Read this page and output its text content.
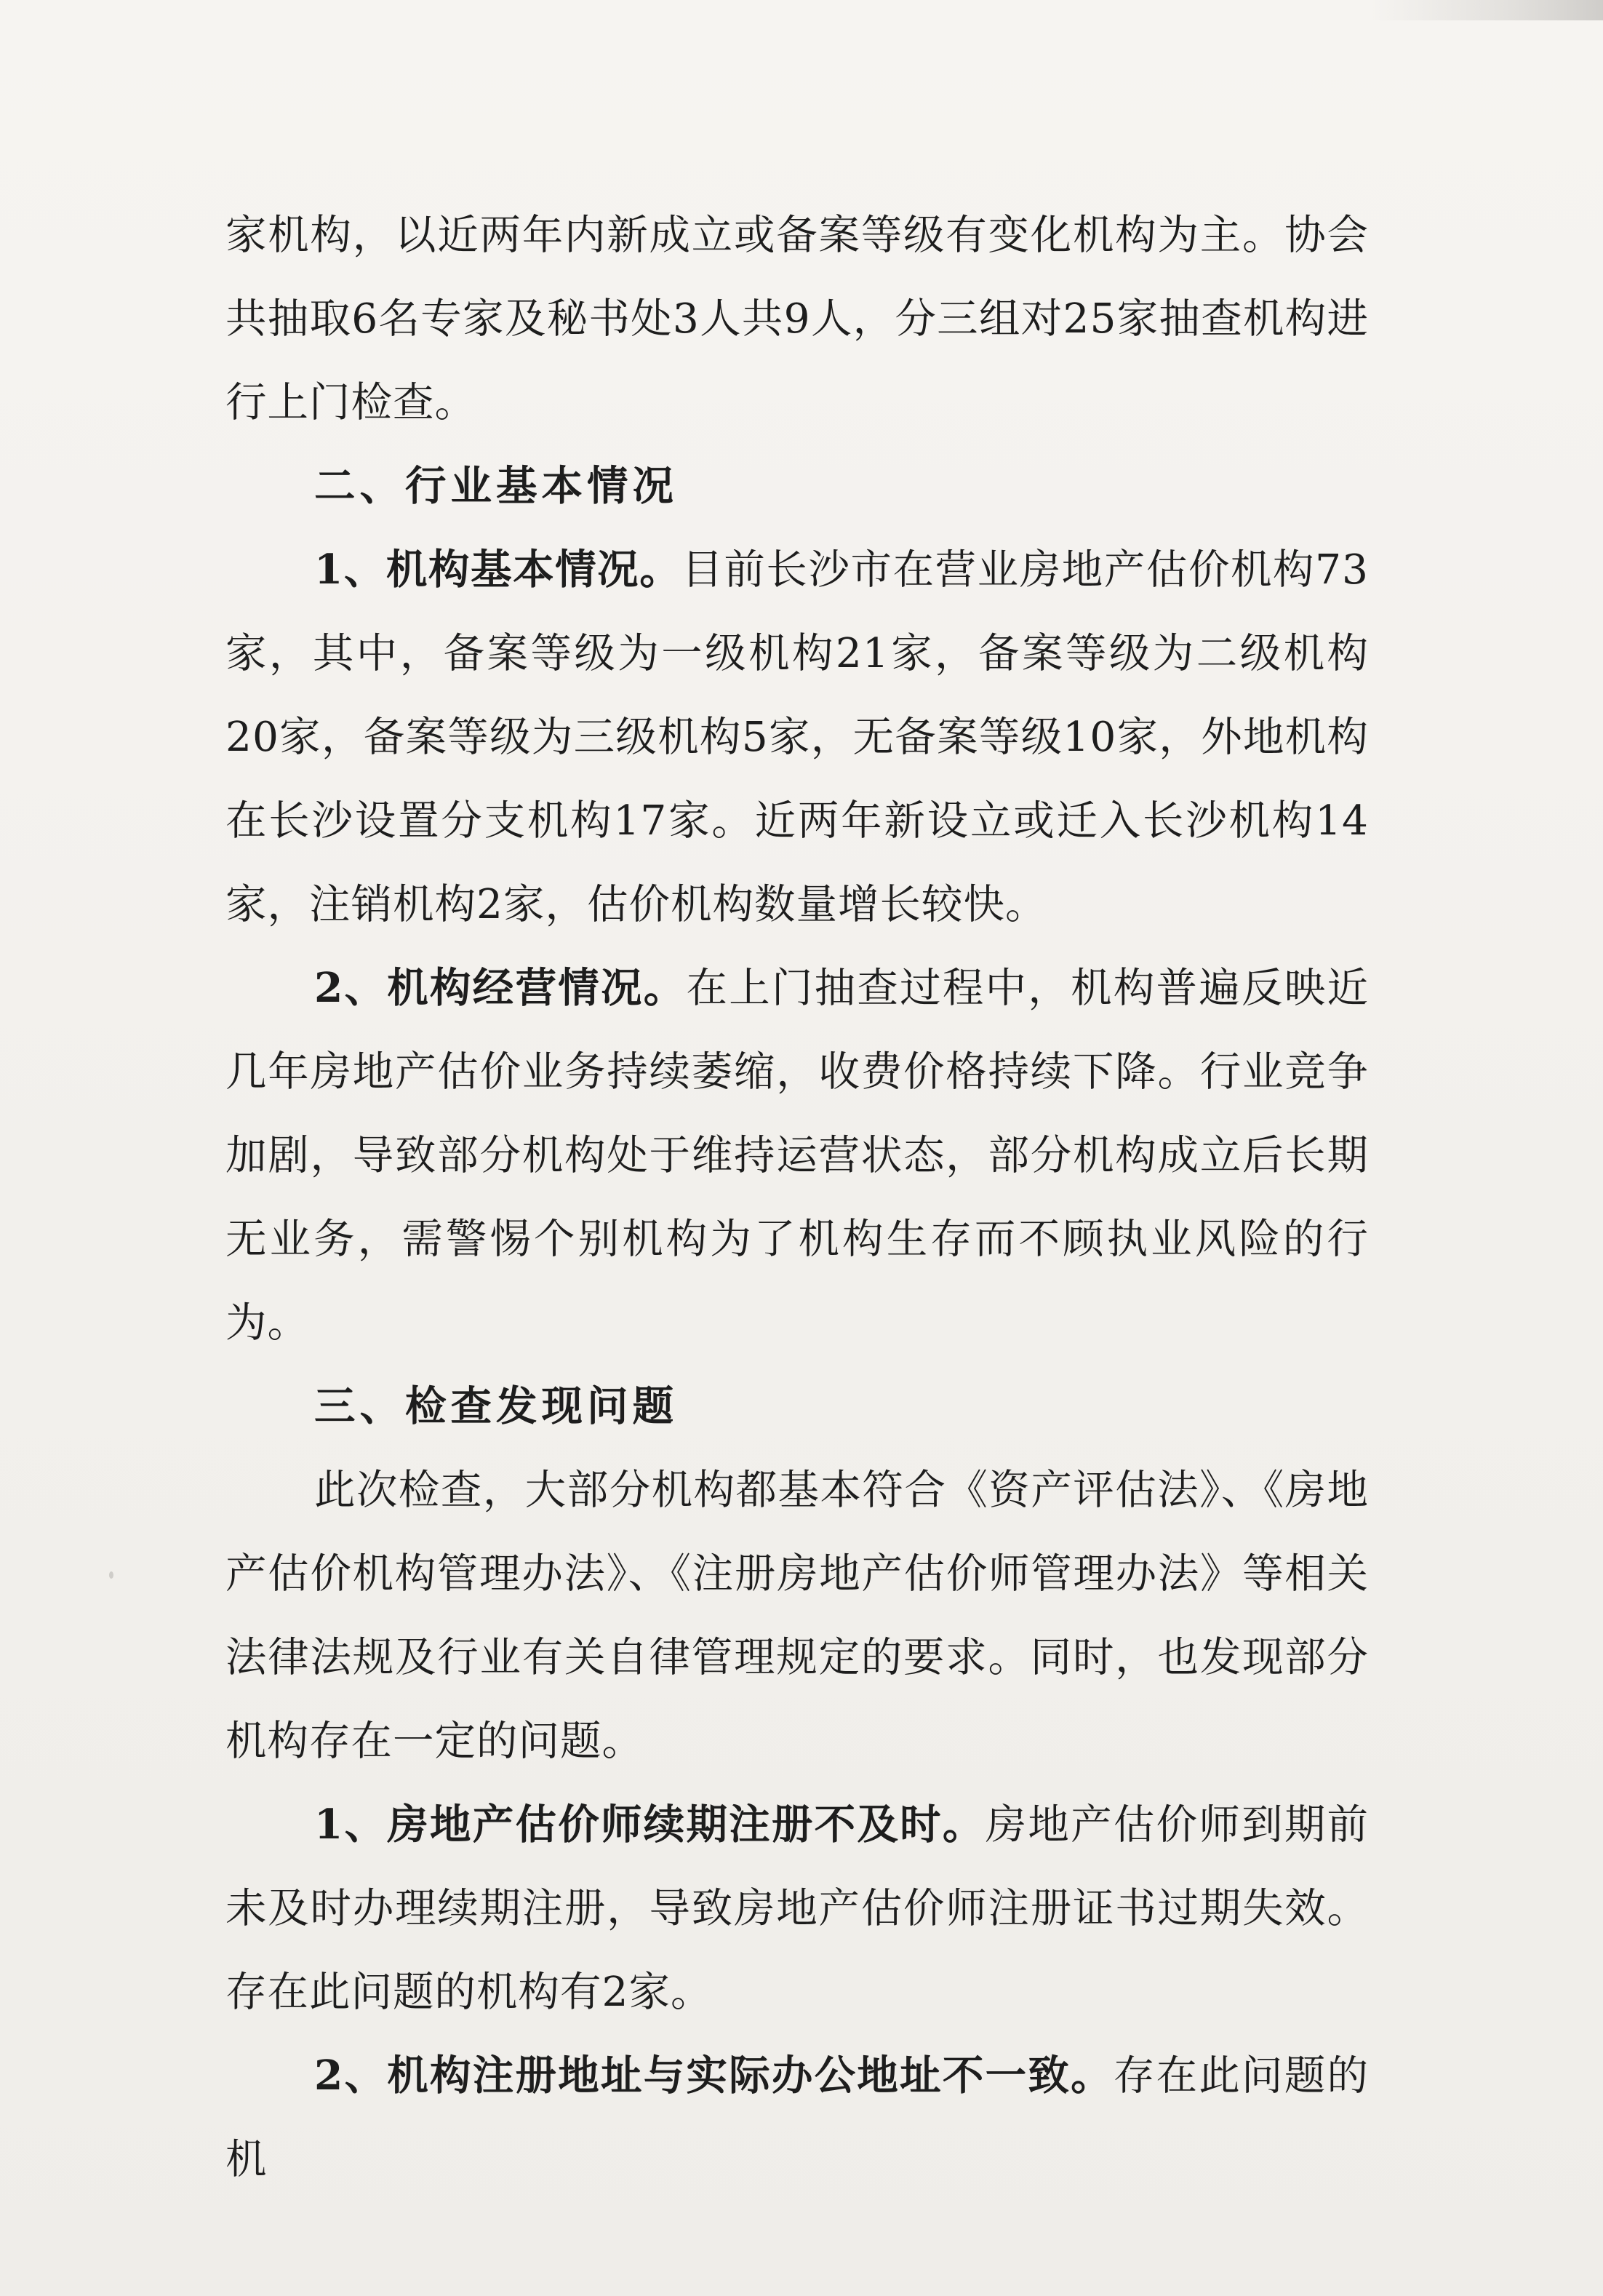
家机构，以近两年内新成立或备案等级有变化机构为主。协会共抽取6名专家及秘书处3人共9人，分三组对25家抽查机构进行上门检查。

二、行业基本情况

1、机构基本情况。目前长沙市在营业房地产估价机构73家，其中，备案等级为一级机构21家，备案等级为二级机构20家，备案等级为三级机构5家，无备案等级10家，外地机构在长沙设置分支机构17家。近两年新设立或迁入长沙机构14家，注销机构2家，估价机构数量增长较快。

2、机构经营情况。在上门抽查过程中，机构普遍反映近几年房地产估价业务持续萎缩，收费价格持续下降。行业竞争加剧，导致部分机构处于维持运营状态，部分机构成立后长期无业务，需警惕个别机构为了机构生存而不顾执业风险的行为。

三、检查发现问题

此次检查，大部分机构都基本符合《资产评估法》、《房地产估价机构管理办法》、《注册房地产估价师管理办法》等相关法律法规及行业有关自律管理规定的要求。同时，也发现部分机构存在一定的问题。

1、房地产估价师续期注册不及时。房地产估价师到期前未及时办理续期注册，导致房地产估价师注册证书过期失效。存在此问题的机构有2家。

2、机构注册地址与实际办公地址不一致。存在此问题的机
